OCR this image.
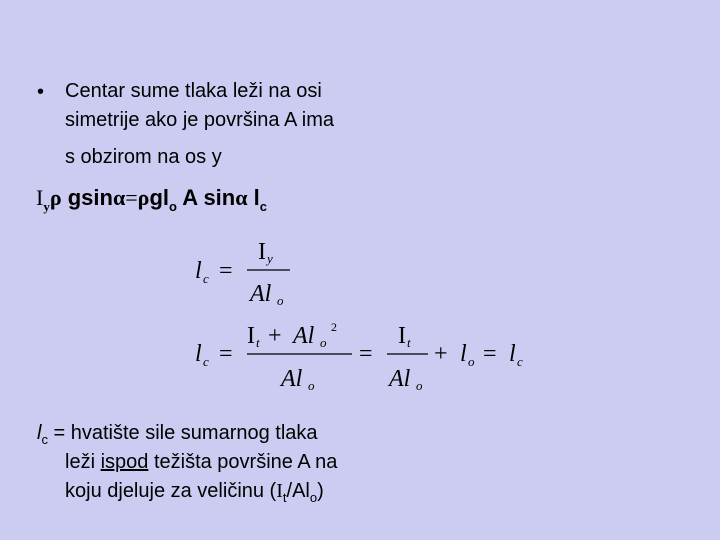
• Centar sume tlaka leži na osi
simetrije ako je površina A ima
s obzirom na os y
$I_y\rho$ gsinα=ρgl$_o$ A sinα $l_c$
l c =
I y
Al o
l c =
I t + Al o
2
Al o
=
I t
Al o
+ l o = l c
$l_c$ = hvatište sile sumarnog tlaka
leži ispod težišta površine A na
koju djeluje za veličinu $(I_t/Al_o)$
